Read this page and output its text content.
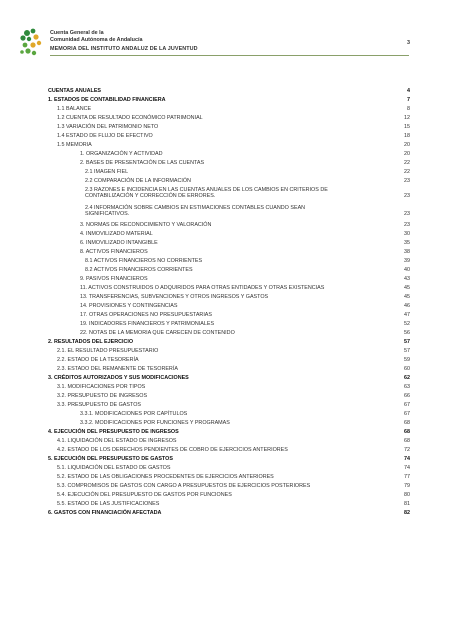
Cuenta General de la
Comunidad Autónoma de Andalucía
3
MEMORIA DEL INSTITUTO ANDALUZ DE LA JUVENTUD
CUENTAS ANUALES	4
1. ESTADOS DE CONTABILIDAD FINANCIERA	7
1.1 BALANCE	8
1.2 CUENTA DE RESULTADO ECONÓMICO PATRIMONIAL	12
1.3 VARIACIÓN DEL PATRIMONIO NETO	15
1.4 ESTADO DE FLUJO DE EFECTIVO	18
1.5 MEMORIA	20
1. ORGANIZACIÓN Y ACTIVIDAD	20
2. BASES DE PRESENTACIÓN DE LAS CUENTAS	22
2.1 IMAGEN FIEL	22
2.2 COMPARACIÓN DE LA INFORMACIÓN	23
2.3 RAZONES E INCIDENCIA EN LAS CUENTAS ANUALES DE LOS CAMBIOS EN CRITERIOS DE
CONTABILIZACIÓN Y CORRECCIÓN DE ERRORES.	23
2.4 INFORMACIÓN SOBRE CAMBIOS EN ESTIMACIONES CONTABLES CUANDO SEAN
SIGNIFICATIVOS.	23
3. NORMAS DE RECONOCIMIENTO Y VALORACIÓN	23
4. INMOVILIZADO MATERIAL	30
6. INMOVILIZADO INTANGIBLE	35
8. ACTIVOS FINANCIEROS	38
8.1 ACTIVOS FINANCIEROS NO CORRIENTES	39
8.2 ACTIVOS FINANCIEROS CORRIENTES	40
9. PASIVOS FINANCIEROS	43
11. ACTIVOS CONSTRUIDOS O ADQUIRIDOS PARA OTRAS ENTIDADES Y OTRAS EXISTENCIAS	45
13. TRANSFERENCIAS, SUBVENCIONES Y OTROS INGRESOS Y GASTOS	45
14. PROVISIONES Y CONTINGENCIAS	46
17. OTRAS OPERACIONES NO PRESUPUESTARIAS	47
19. INDICADORES FINANCIEROS Y PATRIMONIALES	52
22. NOTAS DE LA MEMORIA QUE CARECEN DE CONTENIDO	56
2. RESULTADOS DEL EJERCICIO	57
2.1. EL RESULTADO PRESUPUESTARIO	57
2.2. ESTADO DE LA TESORERÍA	59
2.3. ESTADO DEL REMANENTE DE TESORERÍA	60
3. CRÉDITOS AUTORIZADOS Y SUS MODIFICACIONES	62
3.1. MODIFICACIONES POR TIPOS	63
3.2. PRESUPUESTO DE INGRESOS	66
3.3. PRESUPUESTO DE GASTOS	67
3.3.1. MODIFICACIONES POR CAPÍTULOS	67
3.3.2. MODIFICACIONES POR FUNCIONES Y PROGRAMAS	68
4. EJECUCIÓN DEL PRESUPUESTO DE INGRESOS	68
4.1. LIQUIDACIÓN DEL ESTADO DE INGRESOS	68
4.2. ESTADO DE LOS DERECHOS PENDIENTES DE COBRO DE EJERCICIOS ANTERIORES	72
5. EJECUCIÓN DEL PRESUPUESTO DE GASTOS	74
5.1. LIQUIDACIÓN DEL ESTADO DE GASTOS	74
5.2. ESTADO DE LAS OBLIGACIONES PROCEDENTES DE EJERCICIOS ANTERIORES	77
5.3. COMPROMISOS DE GASTOS CON CARGO A PRESUPUESTOS DE EJERCICIOS POSTERIORES	79
5.4. EJECUCIÓN DEL PRESUPUESTO DE GASTOS POR FUNCIONES	80
5.5. ESTADO DE LAS JUSTIFICACIONES	81
6. GASTOS CON FINANCIACIÓN AFECTADA	82
